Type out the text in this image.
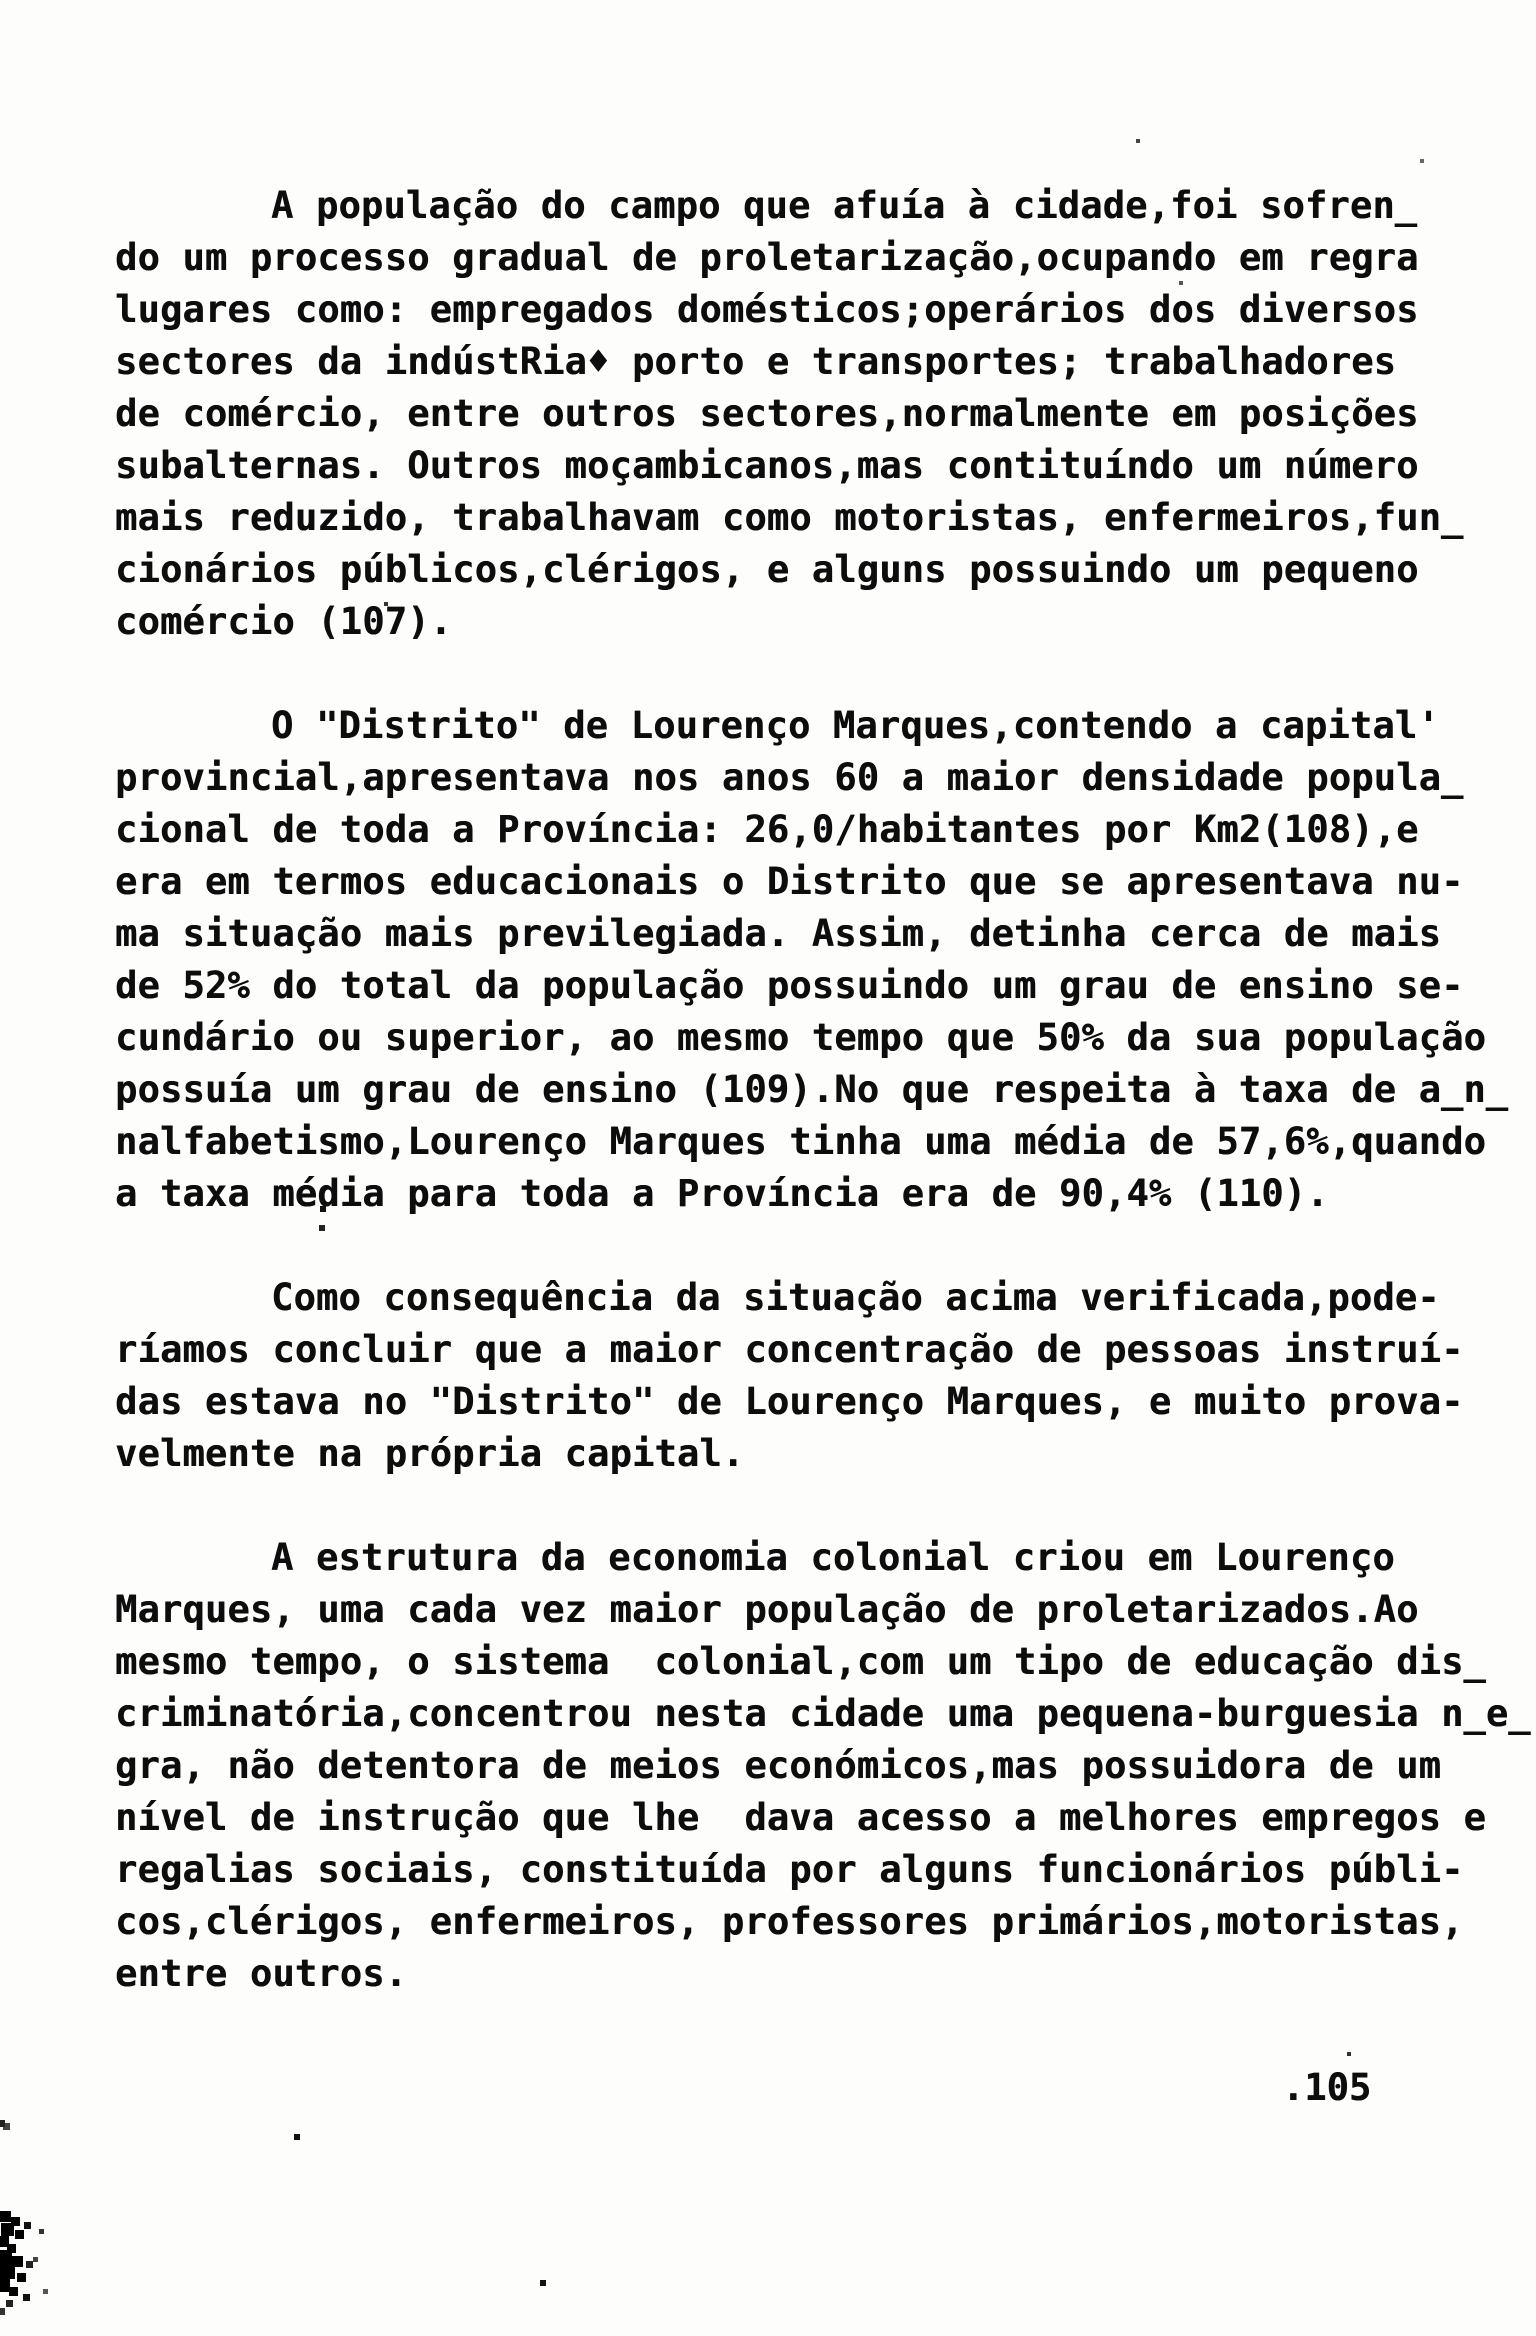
A população do campo que afuía à cidade,foi sofren̲
do um processo gradual de proletarização,ocupando em regra
lugares como: empregados domésticos;operários dos diversos
sectores da indústRia♦ porto e transportes; trabalhadores
de comércio, entre outros sectores,normalmente em posições
subalternas. Outros moçambicanos,mas contituíndo um número
mais reduzido, trabalhavam como motoristas, enfermeiros,fun̲
cionários públicos,clérigos, e alguns possuindo um pequeno
comércio (107).
O "Distrito" de Lourenço Marques,contendo a capital'
provincial,apresentava nos anos 60 a maior densidade popula̲
cional de toda a Província: 26,0/habitantes por Km2(108),e
era em termos educacionais o Distrito que se apresentava nu-
ma situação mais previlegiada. Assim, detinha cerca de mais
de 52% do total da população possuindo um grau de ensino se-
cundário ou superior, ao mesmo tempo que 50% da sua população
possuía um grau de ensino (109).No que respeita à taxa de a̲n̲
nalfabetismo,Lourenço Marques tinha uma média de 57,6%,quando
a taxa média para toda a Província era de 90,4% (110).
Como consequência da situação acima verificada,pode-
ríamos concluir que a maior concentração de pessoas instruí-
das estava no "Distrito" de Lourenço Marques, e muito prova-
velmente na própria capital.
A estrutura da economia colonial criou em Lourenço
Marques, uma cada vez maior população de proletarizados.Ao
mesmo tempo, o sistema  colonial,com um tipo de educação dis̲
criminatória,concentrou nesta cidade uma pequena-burguesia n̲e̲
gra, não detentora de meios económicos,mas possuidora de um
nível de instrução que lhe  dava acesso a melhores empregos e
regalias sociais, constituída por alguns funcionários públi-
cos,clérigos, enfermeiros, professores primários,motoristas,
entre outros.
.105
